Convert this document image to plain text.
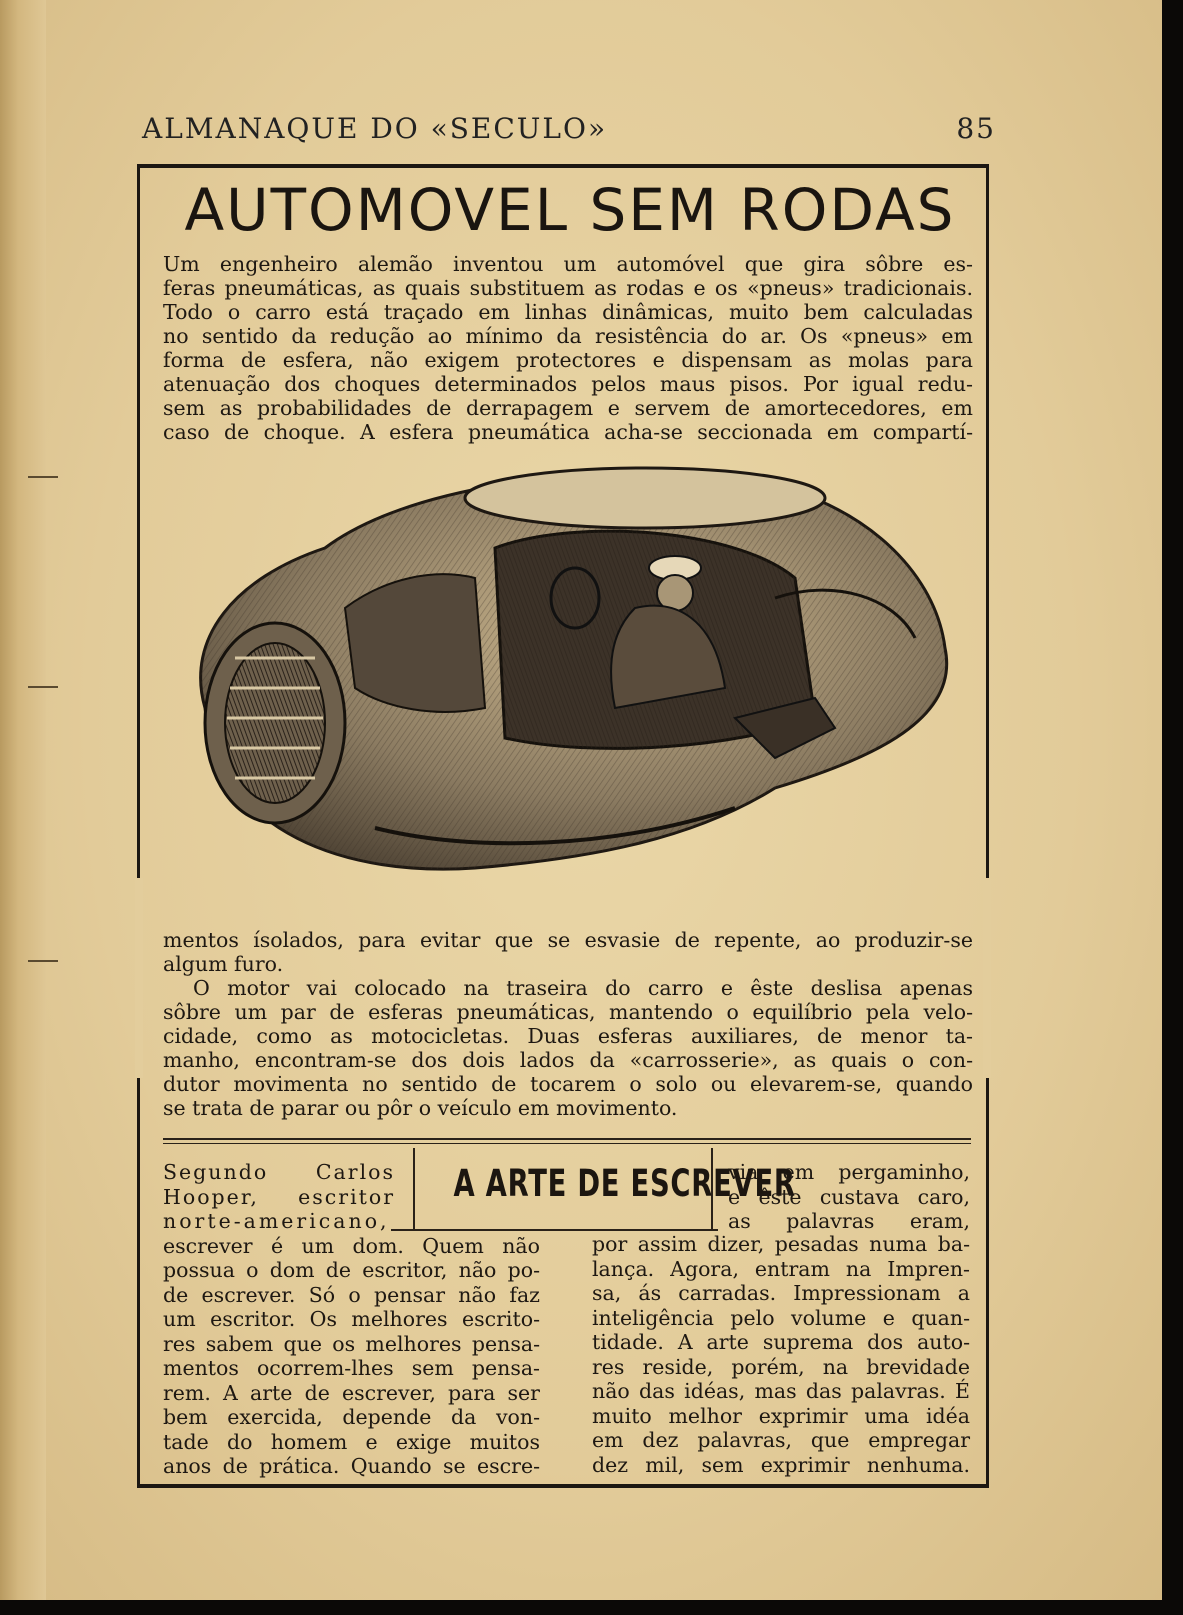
ALMANAQUE DO «SECULO»	85
AUTOMOVEL SEM RODAS
Um engenheiro alemão inventou um automóvel que gira sôbre es-
feras pneumáticas, as quais substituem as rodas e os «pneus» tradicionais.
Todo o carro está traçado em linhas dinâmicas, muito bem calculadas
no sentido da redução ao mínimo da resistência do ar. Os «pneus» em
forma de esfera, não exigem protectores e dispensam as molas para
atenuação dos choques determinados pelos maus pisos. Por igual redu-
sem as probabilidades de derrapagem e servem de amortecedores, em
caso de choque. A esfera pneumática acha-se seccionada em compartí-
mentos ísolados, para evitar que se esvasie de repente, ao produzir-se
algum furo.
O motor vai colocado na traseira do carro e êste deslisa apenas
sôbre um par de esferas pneumáticas, mantendo o equilíbrio pela velo-
cidade, como as motocicletas. Duas esferas auxiliares, de menor ta-
manho, encontram-se dos dois lados da «carrosserie», as quais o con-
dutor movimenta no sentido de tocarem o solo ou elevarem-se, quando
se trata de parar ou pôr o veículo em movimento.
A ARTE DE ESCREVER
Segundo Carlos
Hooper, escritor
norte-americano,
escrever é um dom. Quem não
possua o dom de escritor, não po-
de escrever. Só o pensar não faz
um escritor. Os melhores escrito-
res sabem que os melhores pensa-
mentos ocorrem-lhes sem pensa-
rem. A arte de escrever, para ser
bem exercida, depende da von-
tade do homem e exige muitos
anos de prática. Quando se escre-
via em pergaminho,
e êste custava caro,
as palavras eram,
por assim dizer, pesadas numa ba-
lança. Agora, entram na Impren-
sa, ás carradas. Impressionam a
inteligência pelo volume e quan-
tidade. A arte suprema dos auto-
res reside, porém, na brevidade
não das idéas, mas das palavras. É
muito melhor exprimir uma idéa
em dez palavras, que empregar
dez mil, sem exprimir nenhuma.
